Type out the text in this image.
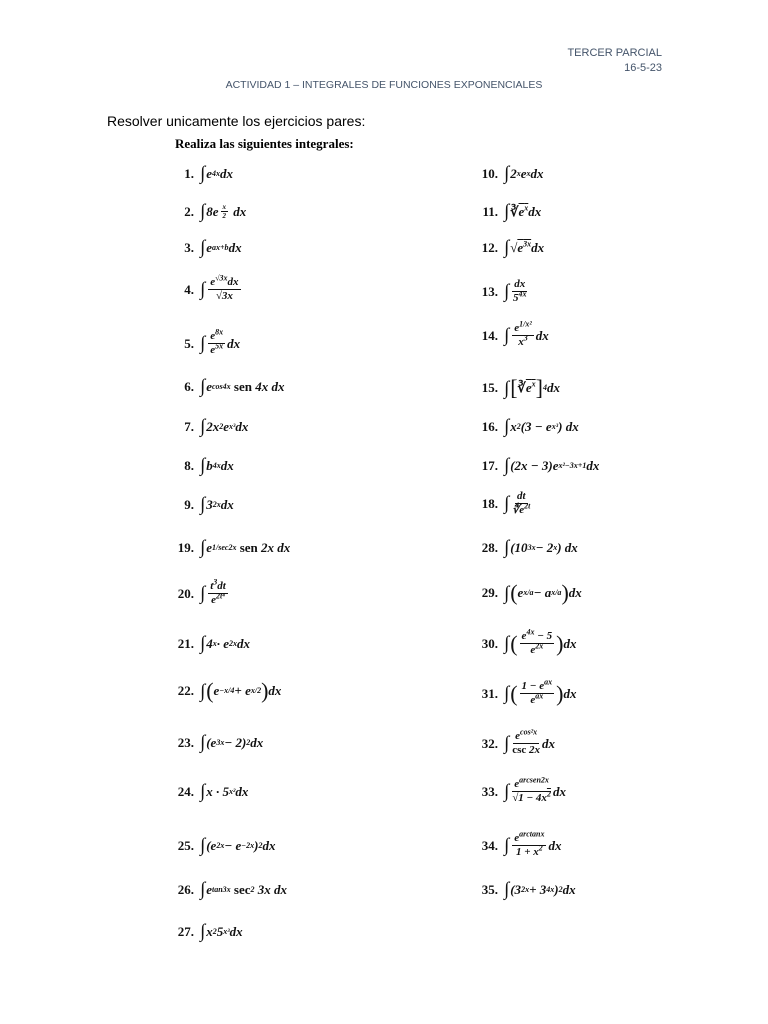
TERCER PARCIAL
16-5-23
ACTIVIDAD 1 – INTEGRALES DE FUNCIONES EXPONENCIALES
Resolver unicamente los ejercicios pares:
Realiza las siguientes integrales:
1. ∫ e 4x dx
2. ∫ $8e \frac{x}{2}$ dx
3. ∫ e ax+b dx
4. ∫ $\frac{e^{√3x}dx}{√3x}$
5. ∫ $\frac{e^{8x}}{e^{5x}}$ dx
6. ∫ e cos4x
sen 4x dx
7. ∫ 2x 2 e x³ dx
8. ∫ b 4x dx
9. ∫ 3 2x dx
10. ∫ 2 x e x dx
11. ∫ ∛ $e^x$ dx
12. ∫ √ $e^{3x}$ dx
13. ∫ $\frac{dx}{5^{4x}}$
14. ∫ $\frac{e^{1/x^2}}{x^3}$ dx
15. ∫ [ ∛ $e^x$ ] 4 dx
16. ∫ x 2 (3 − e x³ ) dx
17. ∫ (2x − 3)e x²−3x+1 dx
18. ∫ $\frac{dt}{∜e^{2t}}$
19. ∫ e 1/sec2x
sen 2x dx
20. ∫ $\frac{t^3dt}{e^{2t^4}}$
21. ∫ 4 x · e 2x dx
22. ∫ ( e −x/4 + e x/2 ) dx
23. ∫ (e 3x − 2) 2 dx
24. ∫ x · 5 x² dx
25. ∫ (e 2x − e −2x ) 2 dx
26. ∫ e tan3x
sec 2 3x dx
27. ∫ x 2 5 x³ dx
28. ∫ (10 3x − 2 x ) dx
29. ∫ ( e x/a − a x/a ) dx
30. ∫ ( $\frac{e^{4x} - 5}{e^{2x}}$ ) dx
31. ∫ ( $\frac{1 - e^{ax}}{e^{ax}}$ ) dx
32. ∫ $\frac{e^{cos^2x}}{\csc 2x}$ dx
33. ∫ $\frac{e^{arcsen2x}}{√1 - 4x^2}$ dx
34. ∫ $\frac{e^{arctanx}}{1 + x^2}$ dx
35. ∫ (3 2x + 3 4x ) 2 dx
